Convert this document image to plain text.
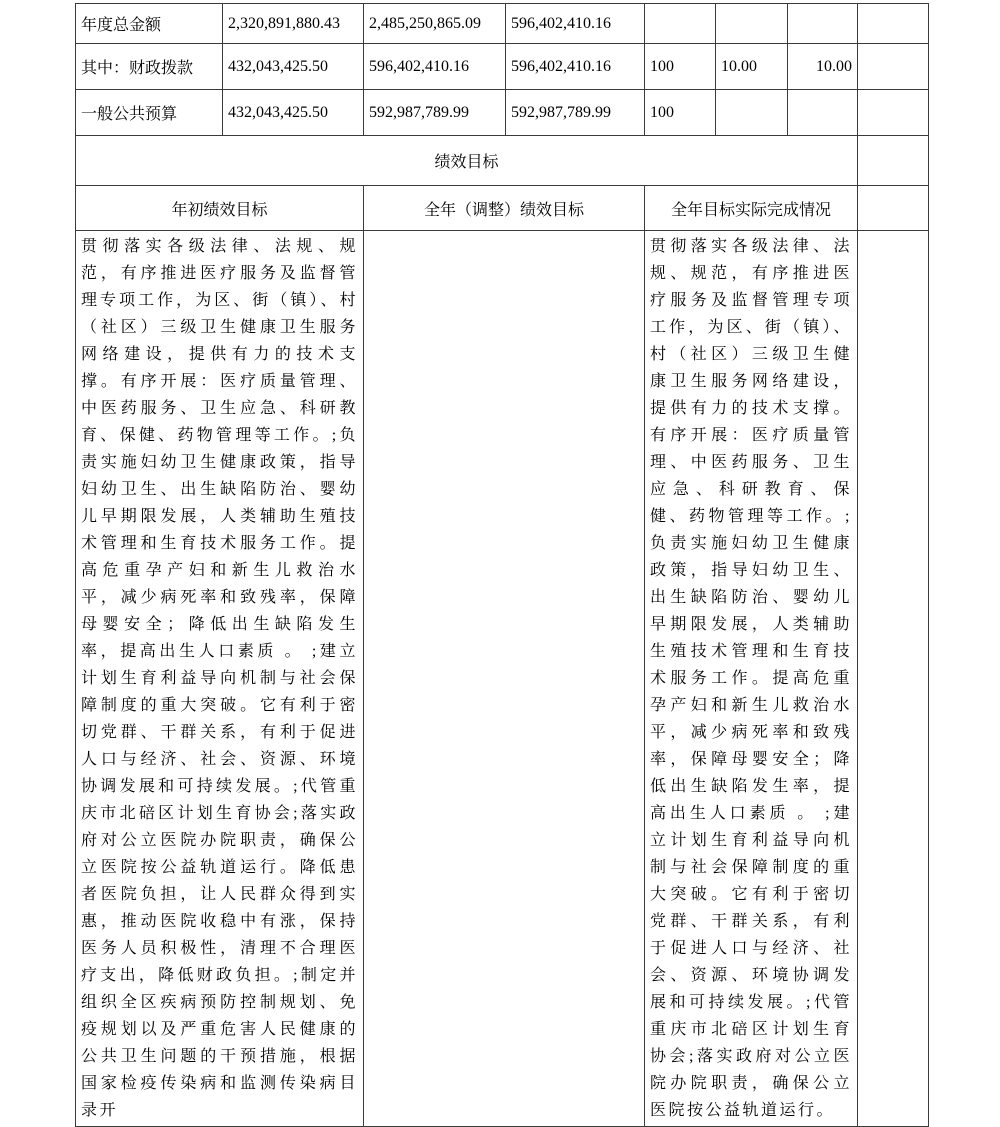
年度总金额	2,320,891,880.43	2,485,250,865.09	596,402,410.16				
其中：财政拨款	432,043,425.50	596,402,410.16	596,402,410.16	100	10.00	10.00	
一般公共预算	432,043,425.50	592,987,789.99	592,987,789.99	100			
绩效目标							
年初绩效目标		全年（调整）绩效目标		全年目标实际完成情况			
贯彻落实各级法律、法规、规范，有序推进医疗服务及监督管理专项工作，为区、街（镇）、村（社区）三级卫生健康卫生服务网络建设，提供有力的技术支撑。有序开展：医疗质量管理、中医药服务、卫生应急、科研教育、保健、药物管理等工作。;负责实施妇幼卫生健康政策，指导妇幼卫生、出生缺陷防治、婴幼儿早期限发展，人类辅助生殖技术管理和生育技术服务工作。提高危重孕产妇和新生儿救治水平，减少病死率和致残率，保障母婴安全；降低出生缺陷发生率，提高出生人口素质 。 ;建立计划生育利益导向机制与社会保障制度的重大突破。它有利于密切党群、干群关系，有利于促进人口与经济、社会、资源、环境协调发展和可持续发展。;代管重庆市北碚区计划生育协会;落实政府对公立医院办院职责，确保公立医院按公益轨道运行。降低患者医院负担，让人民群众得到实惠，推动医院收稳中有涨，保持医务人员积极性，清理不合理医疗支出，降低财政负担。;制定并组织全区疾病预防控制规划、免疫规划以及严重危害人民健康的公共卫生问题的干预措施，根据国家检疫传染病和监测传染病目录开		贯彻落实各级法律、法规、规范，有序推进医疗服务及监督管理专项工作，为区、街（镇）、村（社区）三级卫生健康卫生服务网络建设，提供有力的技术支撑。有序开展：医疗质量管理、中医药服务、卫生应急、科研教育、保健、药物管理等工作。;负责实施妇幼卫生健康政策，指导妇幼卫生、出生缺陷防治、婴幼儿早期限发展，人类辅助生殖技术管理和生育技术服务工作。提高危重孕产妇和新生儿救治水平，减少病死率和致残率，保障母婴安全；降低出生缺陷发生率，提高出生人口素质 。 ;建立计划生育利益导向机制与社会保障制度的重大突破。它有利于密切党群、干群关系，有利于促进人口与经济、社会、资源、环境协调发展和可持续发展。;代管重庆市北碚区计划生育协会;落实政府对公立医院办院职责，确保公立医院按公益轨道运行。	
